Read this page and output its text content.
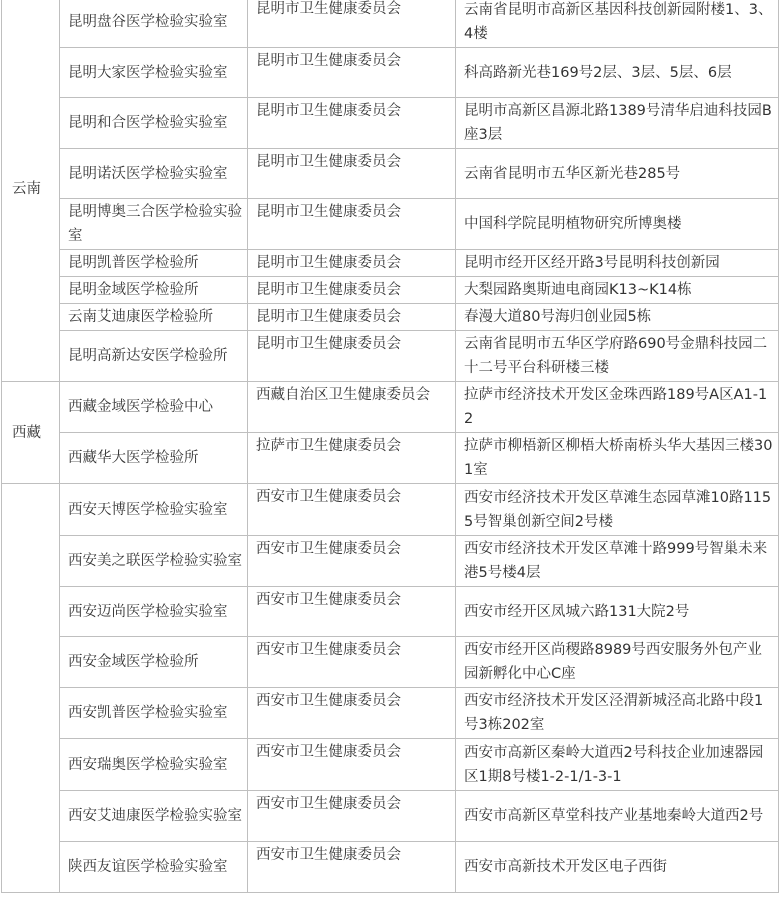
云南	昆明盘谷医学检验实验室	昆明市卫生健康委员会	云南省昆明市高新区基因科技创新园附楼1、3、4楼
	昆明大家医学检验实验室	昆明市卫生健康委员会	科高路新光巷169号2层、3层、5层、6层
	昆明和合医学检验实验室	昆明市卫生健康委员会	昆明市高新区昌源北路1389号清华启迪科技园B座3层
	昆明诺沃医学检验实验室	昆明市卫生健康委员会	云南省昆明市五华区新光巷285号
	昆明博奥三合医学检验实验室	昆明市卫生健康委员会	中国科学院昆明植物研究所博奥楼
	昆明凯普医学检验所	昆明市卫生健康委员会	昆明市经开区经开路3号昆明科技创新园
	昆明金域医学检验所	昆明市卫生健康委员会	大梨园路奥斯迪电商园K13~K14栋
	云南艾迪康医学检验所	昆明市卫生健康委员会	春漫大道80号海归创业园5栋
	昆明高新达安医学检验所	昆明市卫生健康委员会	云南省昆明市五华区学府路690号金鼎科技园二十二号平台科研楼三楼
西藏	西藏金域医学检验中心	西藏自治区卫生健康委员会	拉萨市经济技术开发区金珠西路189号A区A1-12
	西藏华大医学检验所	拉萨市卫生健康委员会	拉萨市柳梧新区柳梧大桥南桥头华大基因三楼301室
	西安天博医学检验实验室	西安市卫生健康委员会	西安市经济技术开发区草滩生态园草滩10路1155号智巢创新空间2号楼
	西安美之联医学检验实验室	西安市卫生健康委员会	西安市经济技术开发区草滩十路999号智巢未来港5号楼4层
	西安迈尚医学检验实验室	西安市卫生健康委员会	西安市经开区凤城六路131大院2号
	西安金域医学检验所	西安市卫生健康委员会	西安市经开区尚稷路8989号西安服务外包产业园新孵化中心C座
	西安凯普医学检验实验室	西安市卫生健康委员会	西安市经济技术开发区泾渭新城泾高北路中段1号3栋202室
	西安瑞奥医学检验实验室	西安市卫生健康委员会	西安市高新区秦岭大道西2号科技企业加速器园区1期8号楼1-2-1/1-3-1
	西安艾迪康医学检验实验室	西安市卫生健康委员会	西安市高新区草堂科技产业基地秦岭大道西2号
	陕西友谊医学检验实验室	西安市卫生健康委员会	西安市高新技术开发区电子西街
